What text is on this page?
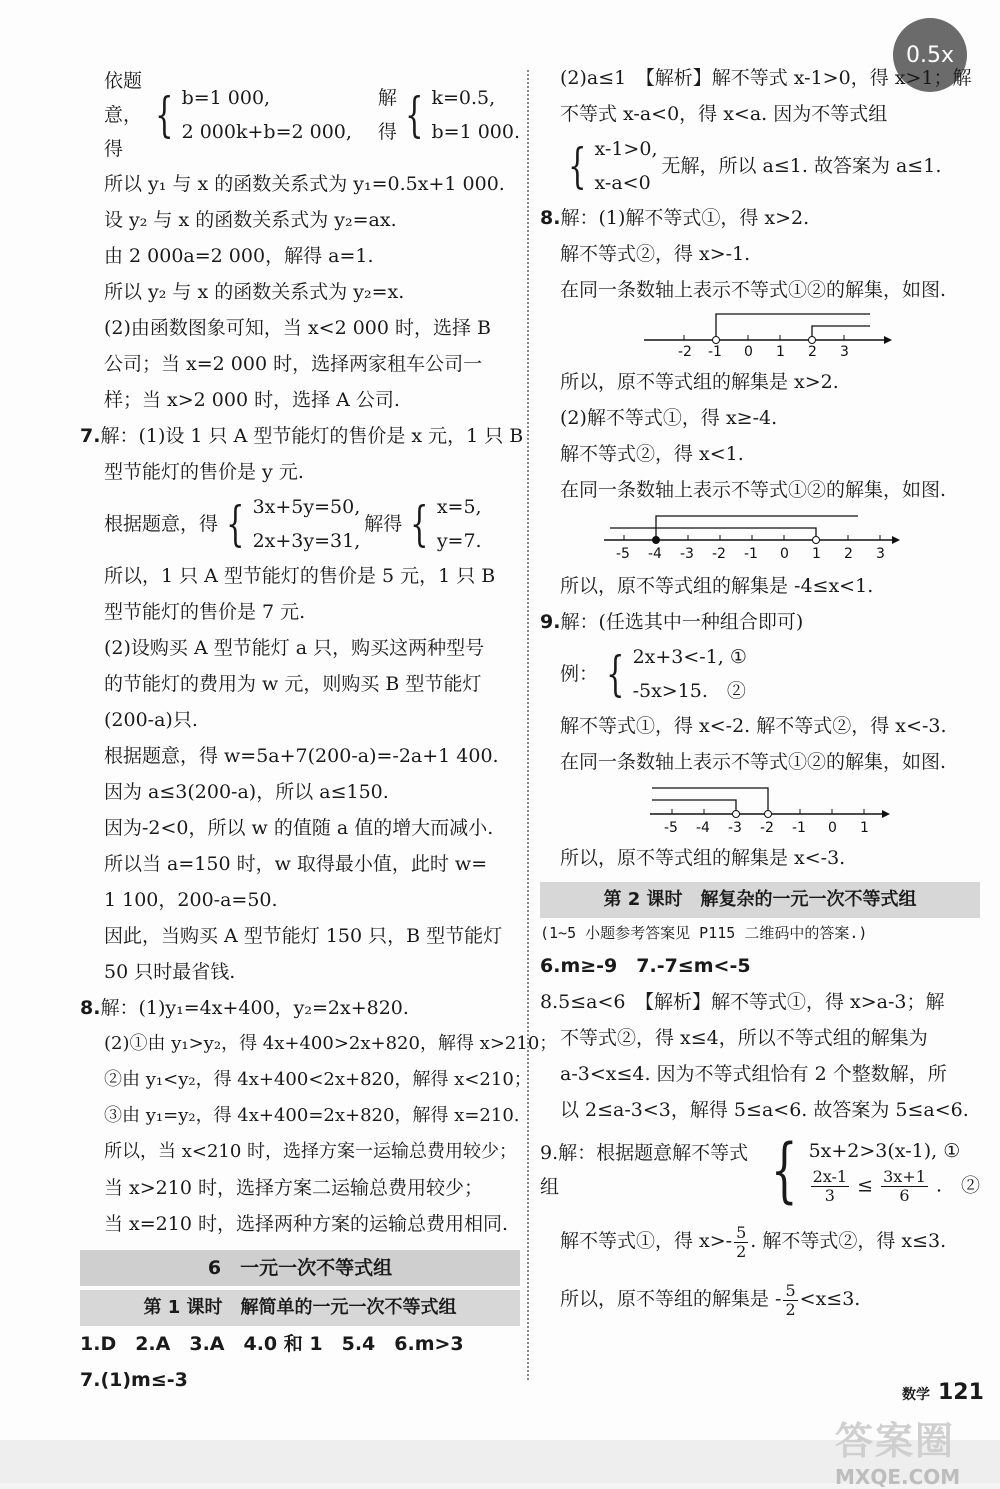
0.5x
依题意，得
{ b=1 000,
2 000k+b=2 000,
解得 { k=0.5,
b=1 000.
所以 y₁ 与 x 的函数关系式为 y₁=0.5x+1 000.
设 y₂ 与 x 的函数关系式为 y₂=ax.
由 2 000a=2 000，解得 a=1.
所以 y₂ 与 x 的函数关系式为 y₂=x.
(2)由函数图象可知，当 x<2 000 时，选择 B
公司；当 x=2 000 时，选择两家租车公司一
样；当 x>2 000 时，选择 A 公司.
7.解：(1)设 1 只 A 型节能灯的售价是 x 元，1 只 B
型节能灯的售价是 y 元.
根据题意，得 { 3x+5y=50,
2x+3y=31,
解得 { x=5,
y=7.
所以，1 只 A 型节能灯的售价是 5 元，1 只 B
型节能灯的售价是 7 元.
(2)设购买 A 型节能灯 a 只，购买这两种型号
的节能灯的费用为 w 元，则购买 B 型节能灯
(200-a)只.
根据题意，得 w=5a+7(200-a)=-2a+1 400.
因为 a≤3(200-a)，所以 a≤150.
因为-2<0，所以 w 的值随 a 值的增大而减小.
所以当 a=150 时，w 取得最小值，此时 w=
1 100，200-a=50.
因此，当购买 A 型节能灯 150 只，B 型节能灯
50 只时最省钱.
8.解：(1)y₁=4x+400，y₂=2x+820.
(2)①由 y₁>y₂，得 4x+400>2x+820，解得 x>210；
②由 y₁<y₂，得 4x+400<2x+820，解得 x<210；
③由 y₁=y₂，得 4x+400=2x+820，解得 x=210.
所以，当 x<210 时，选择方案一运输总费用较少；
当 x>210 时，选择方案二运输总费用较少；
当 x=210 时，选择两种方案的运输总费用相同.
6　一元一次不等式组
第 1 课时　解简单的一元一次不等式组
1.D　2.A　3.A　4.0 和 1　5.4　6.m>3
7.(1)m≤-3
(2)a≤1　【解析】解不等式 x-1>0，得 x>1；解
不等式 x-a<0，得 x<a. 因为不等式组
{ x-1>0,
x-a<0
无解，所以 a≤1. 故答案为 a≤1.
8.解：(1)解不等式①，得 x>2.
解不等式②，得 x>-1.
在同一条数轴上表示不等式①②的解集，如图.
-2 -1 0 1 2 3
所以，原不等式组的解集是 x>2.
(2)解不等式①，得 x≥-4.
解不等式②，得 x<1.
在同一条数轴上表示不等式①②的解集，如图.
-5 -4 -3 -2 -1 0 1 2 3
所以，原不等式组的解集是 -4≤x<1.
9.解：(任选其中一种组合即可)
例： { 2x+3<-1, ①
-5x>15.　②
解不等式①，得 x<-2. 解不等式②，得 x<-3.
在同一条数轴上表示不等式①②的解集，如图.
-5 -4 -3 -2 -1 0 1
所以，原不等式组的解集是 x<-3.
第 2 课时　解复杂的一元一次不等式组
(1~5 小题参考答案见 P115 二维码中的答案.)
6.m≥-9　7.-7≤m<-5
8.5≤a<6　【解析】解不等式①，得 x>a-3；解
不等式②，得 x≤4，所以不等式组的解集为
a-3<x≤4. 因为不等式组恰有 2 个整数解，所
以 2≤a-3<3，解得 5≤a<6. 故答案为 5≤a<6.
9.解：根据题意解不等式组	{ 5x+2>3(x-1), ①
$\frac{2x-1}{3} \le \frac{3x+1}{6}$ .　②
解不等式①，得 $x>- \frac{5}{2}$ . 解不等式②，得 x≤3.
所以，原不等组的解集是 - $\frac{5}{2} <x\le 3$.
数学 121
答案圈
MXQE.COM
